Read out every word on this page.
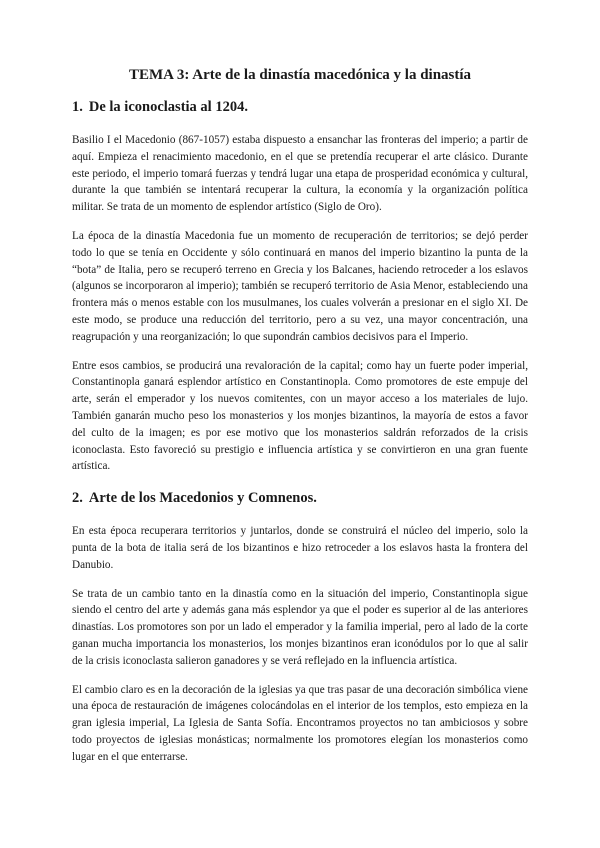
TEMA 3: Arte de la dinastía macedónica y la dinastía
1. De la iconoclastia al 1204.

Basilio I el Macedonio (867-1057) estaba dispuesto a ensanchar las fronteras del imperio; a partir de aquí. Empieza el renacimiento macedonio, en el que se pretendía recuperar el arte clásico. Durante este periodo, el imperio tomará fuerzas y tendrá lugar una etapa de prosperidad económica y cultural, durante la que también se intentará recuperar la cultura, la economía y la organización política militar. Se trata de un momento de esplendor artístico (Siglo de Oro).

La época de la dinastía Macedonia fue un momento de recuperación de territorios; se dejó perder todo lo que se tenía en Occidente y sólo continuará en manos del imperio bizantino la punta de la “bota” de Italia, pero se recuperó terreno en Grecia y los Balcanes, haciendo retroceder a los eslavos (algunos se incorporaron al imperio); también se recuperó territorio de Asia Menor, estableciendo una frontera más o menos estable con los musulmanes, los cuales volverán a presionar en el siglo XI. De este modo, se produce una reducción del territorio, pero a su vez, una mayor concentración, una reagrupación y una reorganización; lo que supondrán cambios decisivos para el Imperio.

Entre esos cambios, se producirá una revaloración de la capital; como hay un fuerte poder imperial, Constantinopla ganará esplendor artístico en Constantinopla. Como promotores de este empuje del arte, serán el emperador y los nuevos comitentes, con un mayor acceso a los materiales de lujo. También ganarán mucho peso los monasterios y los monjes bizantinos, la mayoría de estos a favor del culto de la imagen; es por ese motivo que los monasterios saldrán reforzados de la crisis iconoclasta. Esto favoreció su prestigio e influencia artística y se convirtieron en una gran fuente artística.

2. Arte de los Macedonios y Comnenos.

En esta época recuperara territorios y juntarlos, donde se construirá el núcleo del imperio, solo la punta de la bota de italia será de los bizantinos e hizo retroceder a los eslavos hasta la frontera del Danubio.

Se trata de un cambio tanto en la dinastía como en la situación del imperio, Constantinopla sigue siendo el centro del arte y además gana más esplendor ya que el poder es superior al de las anteriores dinastías. Los promotores son por un lado el emperador y la familia imperial, pero al lado de la corte ganan mucha importancia los monasterios, los monjes bizantinos eran iconódulos por lo que al salir de la crisis iconoclasta salieron ganadores y se verá reflejado en la influencia artística.

El cambio claro es en la decoración de la iglesias ya que tras pasar de una decoración simbólica viene una época de restauración de imágenes colocándolas en el interior de los templos, esto empieza en la gran iglesia imperial, La Iglesia de Santa Sofía. Encontramos proyectos no tan ambiciosos y sobre todo proyectos de iglesias monásticas; normalmente los promotores elegían los monasterios como lugar en el que enterrarse.
